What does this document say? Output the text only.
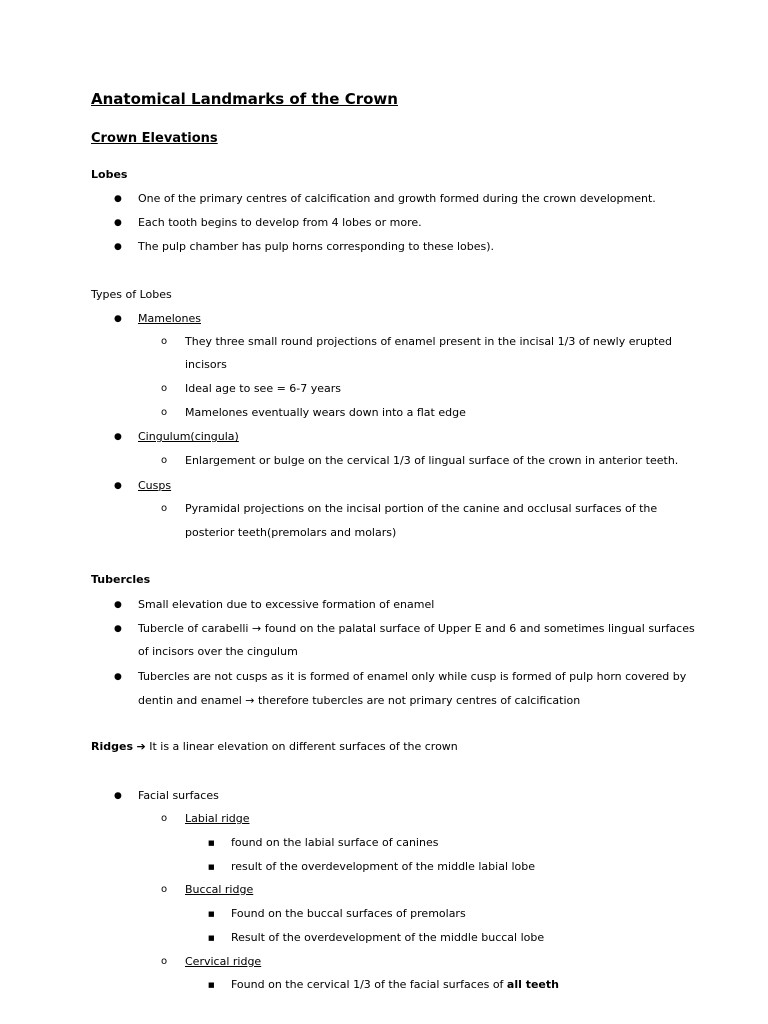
Anatomical Landmarks of the Crown
Crown Elevations
Lobes
● One of the primary centres of calcification and growth formed during the crown development.
● Each tooth begins to develop from 4 lobes or more.
● The pulp chamber has pulp horns corresponding to these lobes).
Types of Lobes
● Mamelones
o They three small round projections of enamel present in the incisal 1/3 of newly erupted
incisors
o Ideal age to see = 6-7 years
o Mamelones eventually wears down into a flat edge
● Cingulum(cingula)
o Enlargement or bulge on the cervical 1/3 of lingual surface of the crown in anterior teeth.
● Cusps
o Pyramidal projections on the incisal portion of the canine and occlusal surfaces of the
posterior teeth(premolars and molars)
Tubercles
● Small elevation due to excessive formation of enamel
● Tubercle of carabelli → found on the palatal surface of Upper E and 6 and sometimes lingual surfaces
of incisors over the cingulum
● Tubercles are not cusps as it is formed of enamel only while cusp is formed of pulp horn covered by
dentin and enamel → therefore tubercles are not primary centres of calcification
Ridges ➔ It is a linear elevation on different surfaces of the crown
● Facial surfaces
o Labial ridge
■ found on the labial surface of canines
■ result of the overdevelopment of the middle labial lobe
o Buccal ridge
■ Found on the buccal surfaces of premolars
■ Result of the overdevelopment of the middle buccal lobe
o Cervical ridge
■ Found on the cervical 1/3 of the facial surfaces of all teeth
